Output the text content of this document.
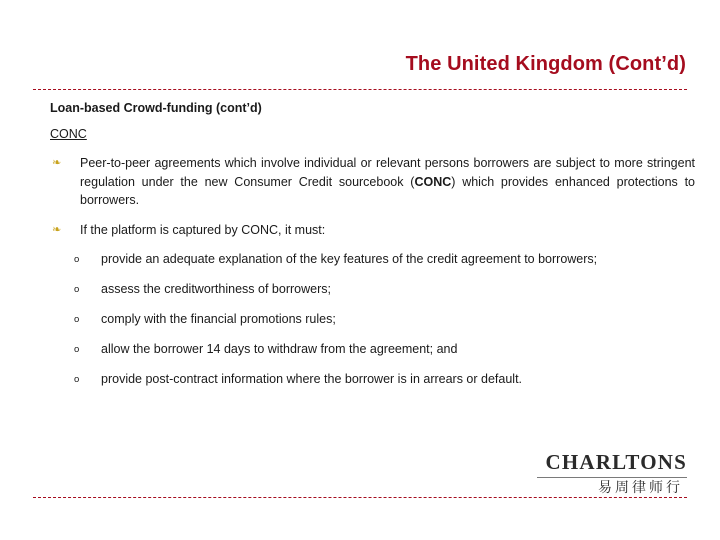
The United Kingdom (Cont’d)

Loan-based Crowd-funding (cont’d)

CONC

❧	Peer-to-peer agreements which involve individual or relevant persons borrowers are subject to more stringent regulation under the new Consumer Credit sourcebook (CONC) which provides enhanced protections to borrowers.
❧	If the platform is captured by CONC, it must:
o	provide an adequate explanation of the key features of the credit agreement to borrowers;
o	assess the creditworthiness of borrowers;
o	comply with the financial promotions rules;
o	allow the borrower 14 days to withdraw from the agreement; and
o	provide post-contract information where the borrower is in arrears or default.
CHARLTONS
易周律师行
